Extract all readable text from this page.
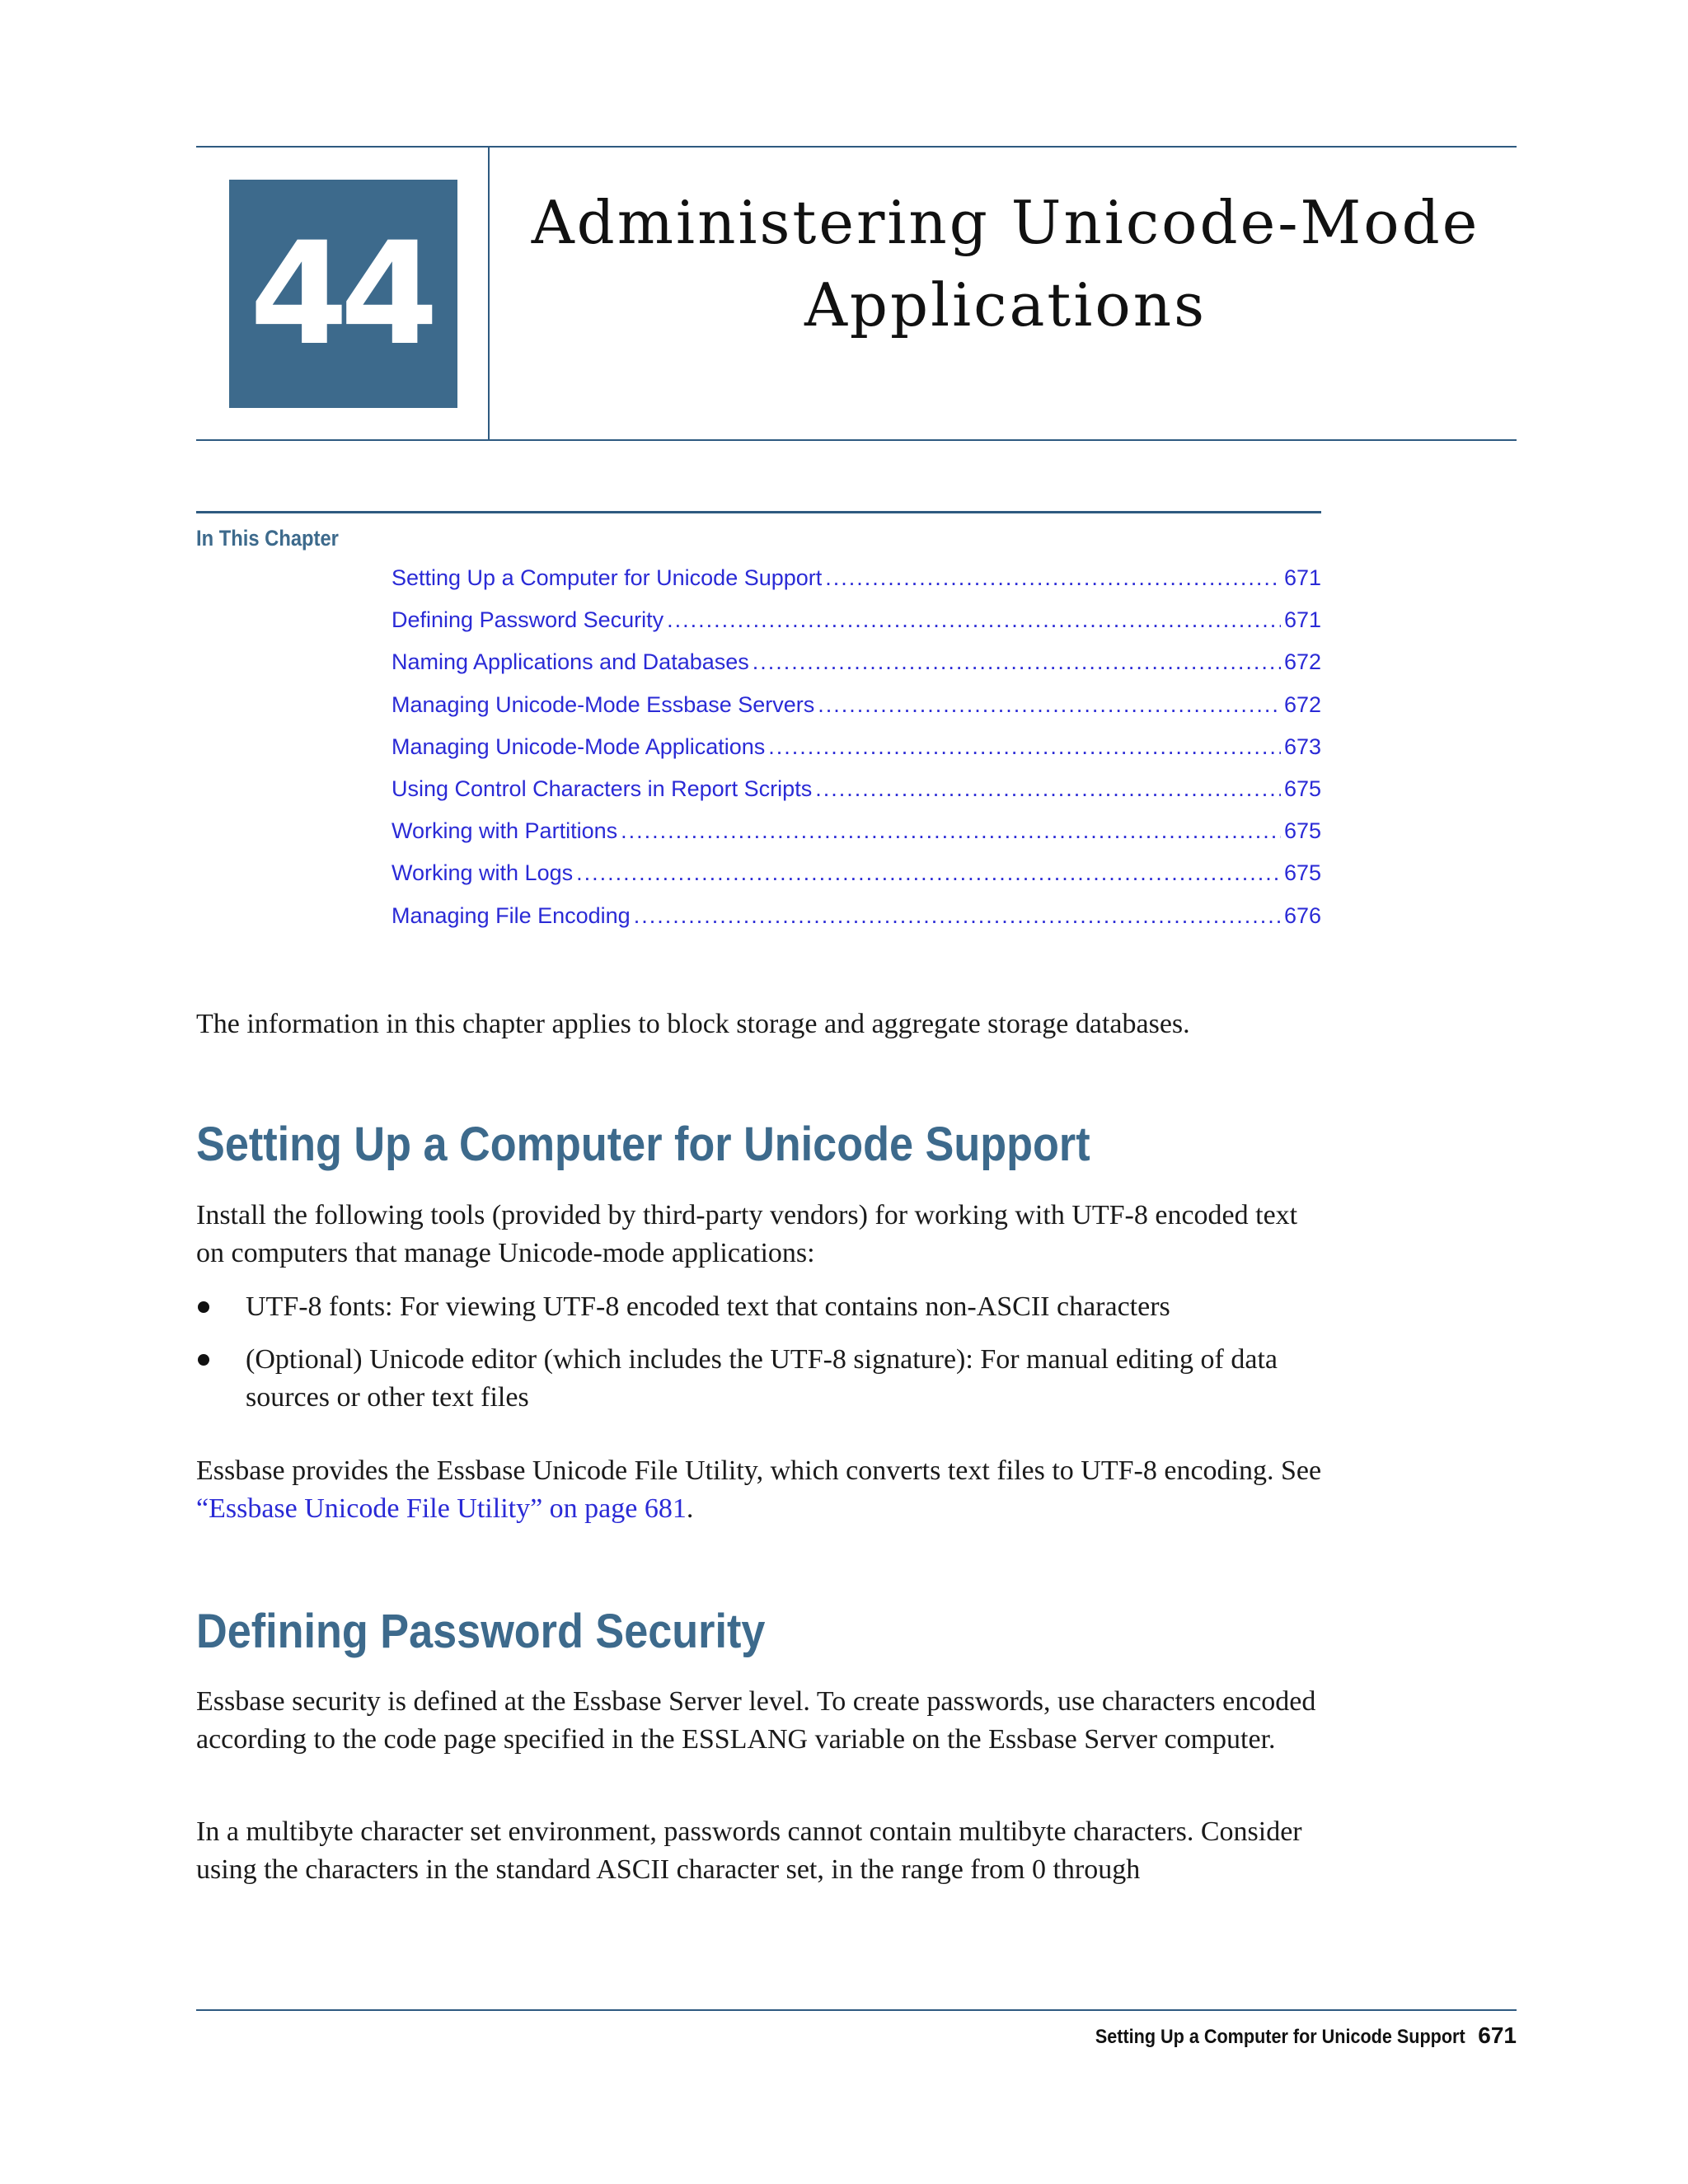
44	Administering Unicode-Mode
Applications
In This Chapter
Setting Up a Computer for Unicode Support .....	671
Defining Password Security .....	671
Naming Applications and Databases .....	672
Managing Unicode-Mode Essbase Servers .....	672
Managing Unicode-Mode Applications .....	673
Using Control Characters in Report Scripts .....	675
Working with Partitions .....	675
Working with Logs .....	675
Managing File Encoding .....	676

The information in this chapter applies to block storage and aggregate storage databases.

Setting Up a Computer for Unicode Support

Install the following tools (provided by third-party vendors) for working with UTF-8 encoded text on computers that manage Unicode-mode applications:

UTF-8 fonts: For viewing UTF-8 encoded text that contains non-ASCII characters
(Optional) Unicode editor (which includes the UTF-8 signature): For manual editing of data sources or other text files

Essbase provides the Essbase Unicode File Utility, which converts text files to UTF-8 encoding. See “Essbase Unicode File Utility” on page 681.

Defining Password Security

Essbase security is defined at the Essbase Server level. To create passwords, use characters encoded according to the code page specified in the ESSLANG variable on the Essbase Server computer.

In a multibyte character set environment, passwords cannot contain multibyte characters. Consider using the characters in the standard ASCII character set, in the range from 0 through

Setting Up a Computer for Unicode Support 671
